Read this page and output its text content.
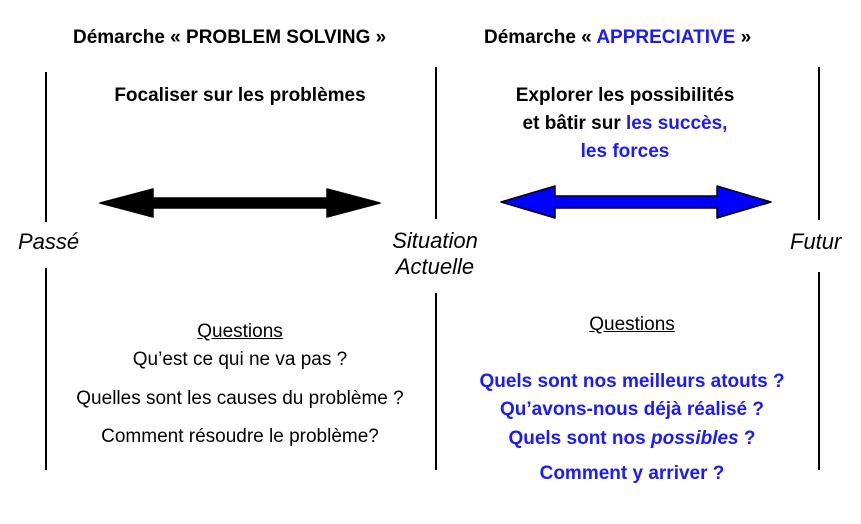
Démarche « PROBLEM SOLVING »	Démarche « APPRECIATIVE »
Focaliser sur les problèmes	Explorer les possibilités
et bâtir sur les succès,
les forces
Passé	Situation
Actuelle
Futur
Questions
Qu’est ce qui ne va pas ?
Quelles sont les causes du problème ?
Comment résoudre le problème?
Questions
Quels sont nos meilleurs atouts ?
Qu’avons-nous déjà réalisé ?
Quels sont nos possibles ?
Comment y arriver ?
